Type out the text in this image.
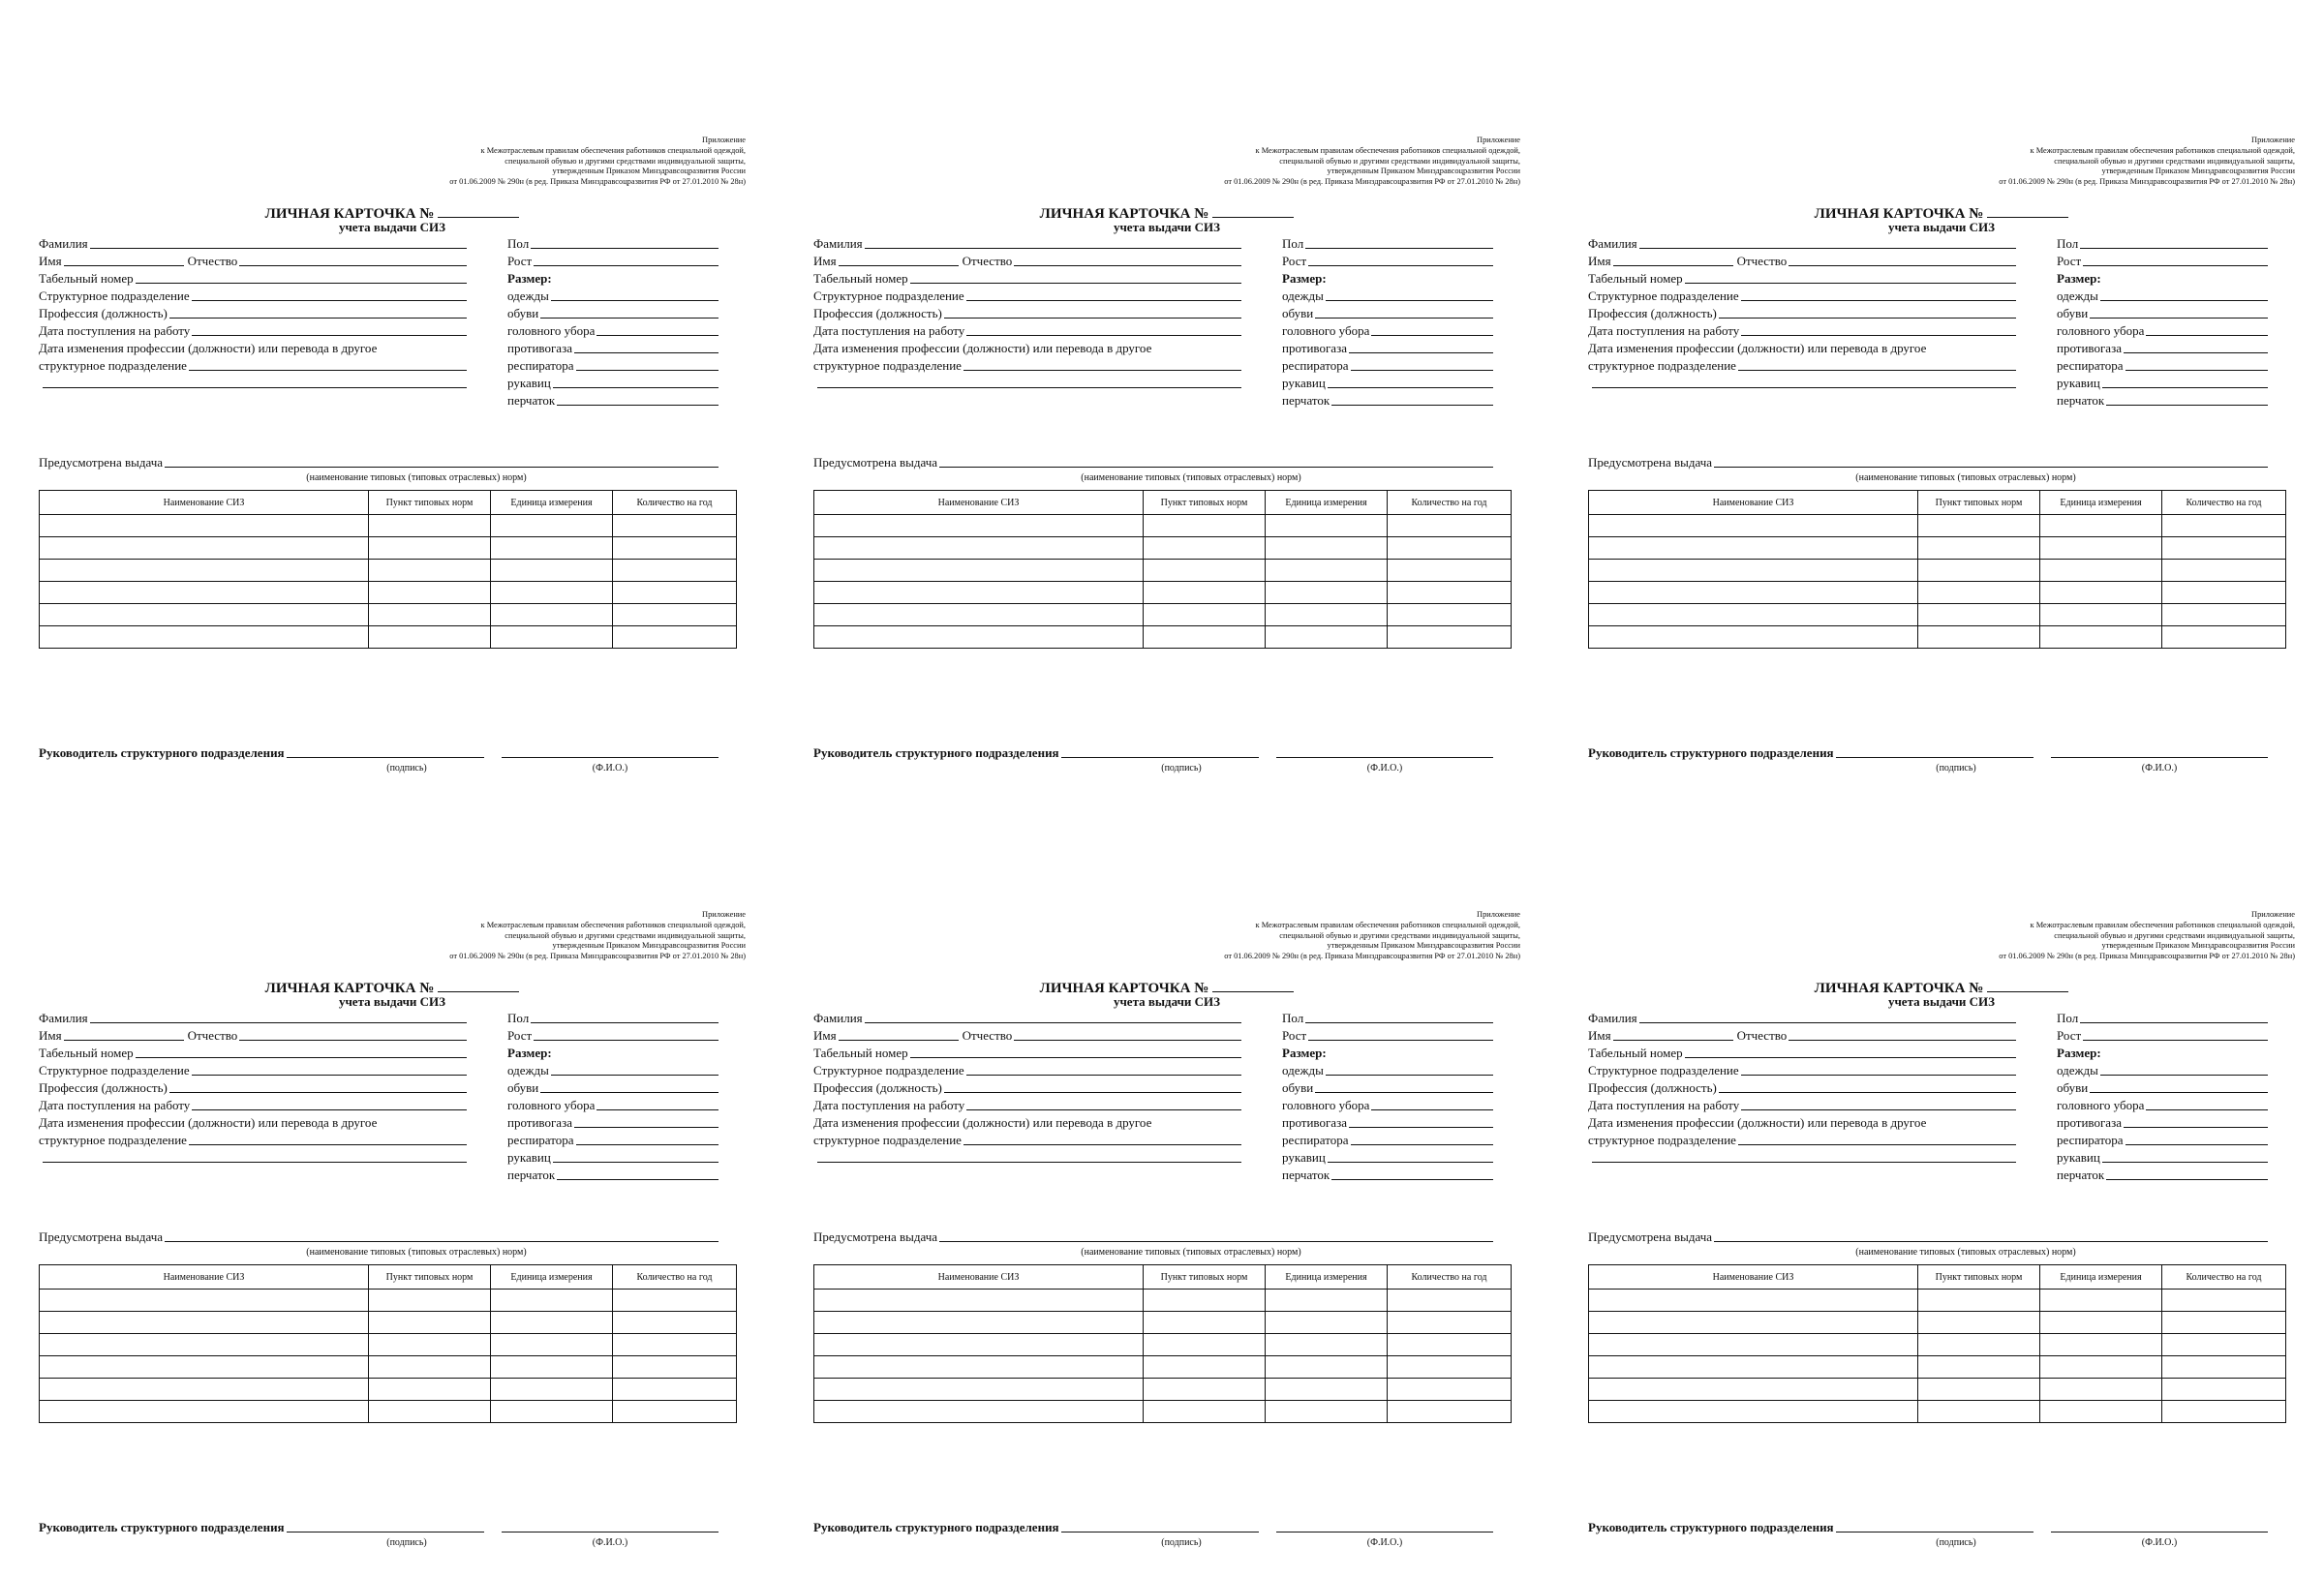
Приложение
к Межотраслевым правилам обеспечения работников специальной одеждой,
специальной обувью и другими средствами индивидуальной защиты,
утвержденным Приказом Минздравсоцразвития России
от 01.06.2009 № 290н (в ред. Приказа Минздравсоцразвития РФ от 27.01.2010 № 28н)
ЛИЧНАЯ КАРТОЧКА №
учета выдачи СИЗ
Фамилия
Имя	Отчество
Табельный номер
Структурное подразделение
Профессия (должность)
Дата поступления на работу
Дата изменения профессии (должности) или перевода в другое
структурное подразделение
Пол
Рост
Размер:
одежды
обуви
головного убора
противогаза
респиратора
рукавиц
перчаток
Предусмотрена выдача
(наименование типовых (типовых отраслевых) норм)
Наименование СИЗ	Пункт типовых норм	Единица измерения	Количество на год

Руководитель структурного подразделения
(подпись)	(Ф.И.О.)
Приложение
к Межотраслевым правилам обеспечения работников специальной одеждой,
специальной обувью и другими средствами индивидуальной защиты,
утвержденным Приказом Минздравсоцразвития России
от 01.06.2009 № 290н (в ред. Приказа Минздравсоцразвития РФ от 27.01.2010 № 28н)
ЛИЧНАЯ КАРТОЧКА №
учета выдачи СИЗ
Фамилия
Имя	Отчество
Табельный номер
Структурное подразделение
Профессия (должность)
Дата поступления на работу
Дата изменения профессии (должности) или перевода в другое
структурное подразделение
Пол
Рост
Размер:
одежды
обуви
головного убора
противогаза
респиратора
рукавиц
перчаток
Предусмотрена выдача
(наименование типовых (типовых отраслевых) норм)
Наименование СИЗ	Пункт типовых норм	Единица измерения	Количество на год

Руководитель структурного подразделения
(подпись)	(Ф.И.О.)
Приложение
к Межотраслевым правилам обеспечения работников специальной одеждой,
специальной обувью и другими средствами индивидуальной защиты,
утвержденным Приказом Минздравсоцразвития России
от 01.06.2009 № 290н (в ред. Приказа Минздравсоцразвития РФ от 27.01.2010 № 28н)
ЛИЧНАЯ КАРТОЧКА №
учета выдачи СИЗ
Фамилия
Имя	Отчество
Табельный номер
Структурное подразделение
Профессия (должность)
Дата поступления на работу
Дата изменения профессии (должности) или перевода в другое
структурное подразделение
Пол
Рост
Размер:
одежды
обуви
головного убора
противогаза
респиратора
рукавиц
перчаток
Предусмотрена выдача
(наименование типовых (типовых отраслевых) норм)
Наименование СИЗ	Пункт типовых норм	Единица измерения	Количество на год

Руководитель структурного подразделения
(подпись)	(Ф.И.О.)
Приложение
к Межотраслевым правилам обеспечения работников специальной одеждой,
специальной обувью и другими средствами индивидуальной защиты,
утвержденным Приказом Минздравсоцразвития России
от 01.06.2009 № 290н (в ред. Приказа Минздравсоцразвития РФ от 27.01.2010 № 28н)
ЛИЧНАЯ КАРТОЧКА №
учета выдачи СИЗ
Фамилия
Имя	Отчество
Табельный номер
Структурное подразделение
Профессия (должность)
Дата поступления на работу
Дата изменения профессии (должности) или перевода в другое
структурное подразделение
Пол
Рост
Размер:
одежды
обуви
головного убора
противогаза
респиратора
рукавиц
перчаток
Предусмотрена выдача
(наименование типовых (типовых отраслевых) норм)
Наименование СИЗ	Пункт типовых норм	Единица измерения	Количество на год

Руководитель структурного подразделения
(подпись)	(Ф.И.О.)
Приложение
к Межотраслевым правилам обеспечения работников специальной одеждой,
специальной обувью и другими средствами индивидуальной защиты,
утвержденным Приказом Минздравсоцразвития России
от 01.06.2009 № 290н (в ред. Приказа Минздравсоцразвития РФ от 27.01.2010 № 28н)
ЛИЧНАЯ КАРТОЧКА №
учета выдачи СИЗ
Фамилия
Имя	Отчество
Табельный номер
Структурное подразделение
Профессия (должность)
Дата поступления на работу
Дата изменения профессии (должности) или перевода в другое
структурное подразделение
Пол
Рост
Размер:
одежды
обуви
головного убора
противогаза
респиратора
рукавиц
перчаток
Предусмотрена выдача
(наименование типовых (типовых отраслевых) норм)
Наименование СИЗ	Пункт типовых норм	Единица измерения	Количество на год

Руководитель структурного подразделения
(подпись)	(Ф.И.О.)
Приложение
к Межотраслевым правилам обеспечения работников специальной одеждой,
специальной обувью и другими средствами индивидуальной защиты,
утвержденным Приказом Минздравсоцразвития России
от 01.06.2009 № 290н (в ред. Приказа Минздравсоцразвития РФ от 27.01.2010 № 28н)
ЛИЧНАЯ КАРТОЧКА №
учета выдачи СИЗ
Фамилия
Имя	Отчество
Табельный номер
Структурное подразделение
Профессия (должность)
Дата поступления на работу
Дата изменения профессии (должности) или перевода в другое
структурное подразделение
Пол
Рост
Размер:
одежды
обуви
головного убора
противогаза
респиратора
рукавиц
перчаток
Предусмотрена выдача
(наименование типовых (типовых отраслевых) норм)
Наименование СИЗ	Пункт типовых норм	Единица измерения	Количество на год

Руководитель структурного подразделения
(подпись)	(Ф.И.О.)
